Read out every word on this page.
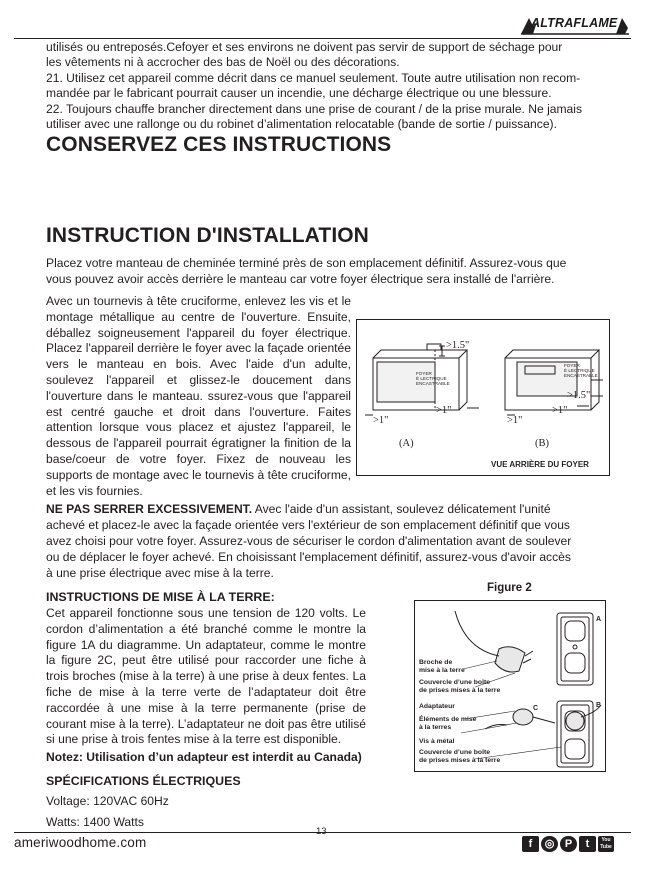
ALTRAFLAME
utilisés ou entreposés.Cefoyer et ses environs ne doivent pas servir de support de séchage pour
les vêtements ni à accrocher des bas de Noël ou des décorations.
21. Utilisez cet appareil comme décrit dans ce manuel seulement. Toute autre utilisation non recom-
mandée par le fabricant pourrait causer un incendie, une décharge électrique ou une blessure.
22. Toujours chauffe brancher directement dans une prise de courant / de la prise murale. Ne jamais
utiliser avec une rallonge ou du robinet d’alimentation relocatable (bande de sortie / puissance).
CONSERVEZ CES INSTRUCTIONS
INSTRUCTION D'INSTALLATION
Placez votre manteau de cheminée terminé près de son emplacement définitif. Assurez-vous que
vous pouvez avoir accès derrière le manteau car votre foyer électrique sera installé de l'arrière.
Avec un tournevis à tête cruciforme, enlevez les vis et le montage métallique au centre de l'ouverture. Ensuite, déballez soigneusement l'appareil du foyer électrique. Placez l'appareil derrière le foyer avec la façade orientée vers le manteau en bois. Avec l'aide d'un adulte, soulevez l'appareil et glissez-le doucement dans l'ouverture dans le manteau. ssurez-vous que l'appareil est centré gauche et droit dans l'ouverture. Faites attention lorsque vous placez et ajustez l'appareil, le dessous de l'appareil pourrait égratigner la finition de la base/coeur de votre foyer. Fixez de nouveau les supports de montage avec le tournevis à tête cruciforme, et les vis fournies.
>1.5"
FOYER
É LECTRIQUE
ENCASTRABLE
>1"
>1"
FOYER
É LECTRIQUE
ENCASTRABLE
>1.5"
>1"
>1"
(A)	(B)
VUE ARRIÈRE DU FOYER
NE PAS SERRER EXCESSIVEMENT. Avec l'aide d'un assistant, soulevez délicatement l'unité
achevé et placez-le avec la façade orientée vers l'extérieur de son emplacement définitif que vous
avez choisi pour votre foyer. Assurez-vous de sécuriser le cordon d'alimentation avant de soulever
ou de déplacer le foyer achevé. En choisissant l'emplacement définitif, assurez-vous d'avoir accès
à une prise électrique avec mise à la terre.
INSTRUCTIONS DE MISE À LA TERRE:
Cet appareil fonctionne sous une tension de 120 volts. Le cordon d’alimentation a été branché comme le montre la figure 1A du diagramme. Un adaptateur, comme le montre la figure 2C, peut être utilisé pour raccorder une fiche à trois broches (mise à la terre) à une prise à deux fentes. La fiche de mise à la terre verte de l’adaptateur doit être raccordée à une mise à la terre permanente (prise de courant mise à la terre). L’adaptateur ne doit pas être utilisé si une prise à trois fentes mise à la terre est disponible.
Notez: Utilisation d’un adapteur est interdit au Canada)
SPÉCIFICATIONS ÉLECTRIQUES
Voltage: 120VAC 60Hz
Watts: 1400 Watts
Figure 2
A
B
C
Broche de
mise à la terre
Couvercle d’une boîte
de prises mises à la terre
Adaptateur
Éléments de mise
à la terres
Vis à métal
Couvercle d’une boîte
de prises mises à la terre
13
ameriwoodhome.com	f	◎ P	t	You
Tube
